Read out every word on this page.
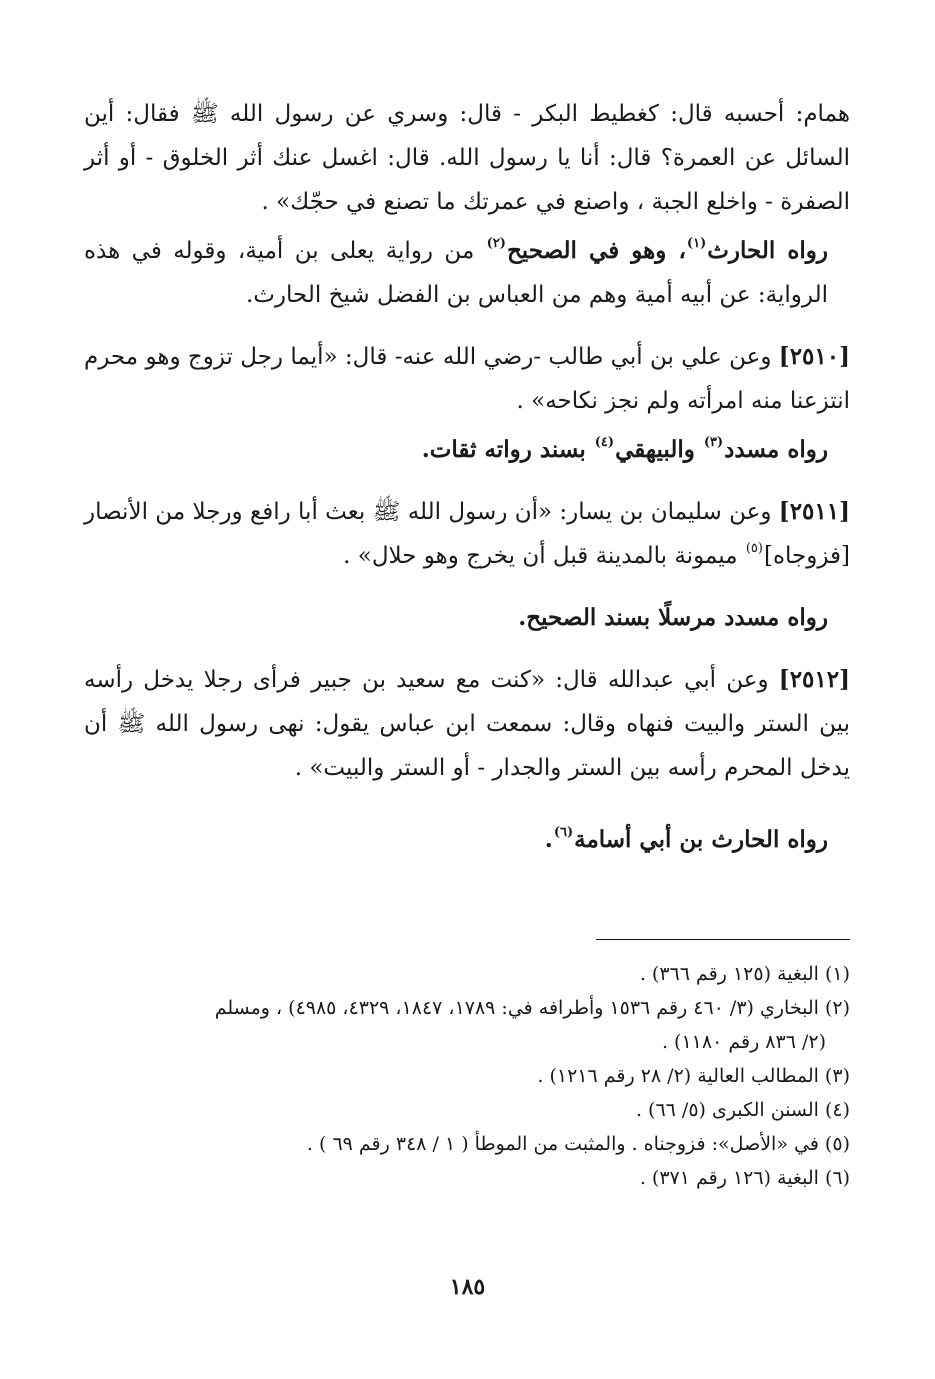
همام: أحسبه قال: كغطيط البكر - قال: وسري عن رسول الله ﷺ فقال: أين السائل عن العمرة؟ قال: أنا يا رسول الله. قال: اغسل عنك أثر الخلوق - أو أثر الصفرة - واخلع الجبة ، واصنع في عمرتك ما تصنع في حجّك» .

رواه الحارث$^{(١)}$، وهو في الصحيح$^{(٢)}$ من رواية يعلى بن أمية، وقوله في هذه الرواية: عن أبيه أمية وهم من العباس بن الفضل شيخ الحارث.

[٢٥١٠] وعن علي بن أبي طالب -رضي الله عنه- قال: «أيما رجل تزوج وهو محرم انتزعنا منه امرأته ولم نجز نكاحه» .

رواه مسدد$^{(٣)}$ والبيهقي$^{(٤)}$ بسند رواته ثقات.

[٢٥١١] وعن سليمان بن يسار: «أن رسول الله ﷺ بعث أبا رافع ورجلا من الأنصار [فزوجاه]$^{(٥)}$ ميمونة بالمدينة قبل أن يخرج وهو حلال» .

رواه مسدد مرسلًا بسند الصحيح.

[٢٥١٢] وعن أبي عبدالله قال: «كنت مع سعيد بن جبير فرأى رجلا يدخل رأسه بين الستر والبيت فنهاه وقال: سمعت ابن عباس يقول: نهى رسول الله ﷺ أن يدخل المحرم رأسه بين الستر والجدار - أو الستر والبيت» .

رواه الحارث بن أبي أسامة$^{(٦)}$.

(١) البغية (١٢٥ رقم ٣٦٦) .
(٢) البخاري (٣/ ٤٦٠ رقم ١٥٣٦ وأطرافه في: ١٧٨٩، ١٨٤٧، ٤٣٢٩، ٤٩٨٥) ، ومسلم
(٢/ ٨٣٦ رقم ١١٨٠) .
(٣) المطالب العالية (٢/ ٢٨ رقم ١٢١٦) .
(٤) السنن الكبرى (٥/ ٦٦) .
(٥) في «الأصل»: فزوجناه . والمثبت من الموطأ ( ١ / ٣٤٨ رقم ٦٩ ) .
(٦) البغية (١٢٦ رقم ٣٧١) .
١٨٥
